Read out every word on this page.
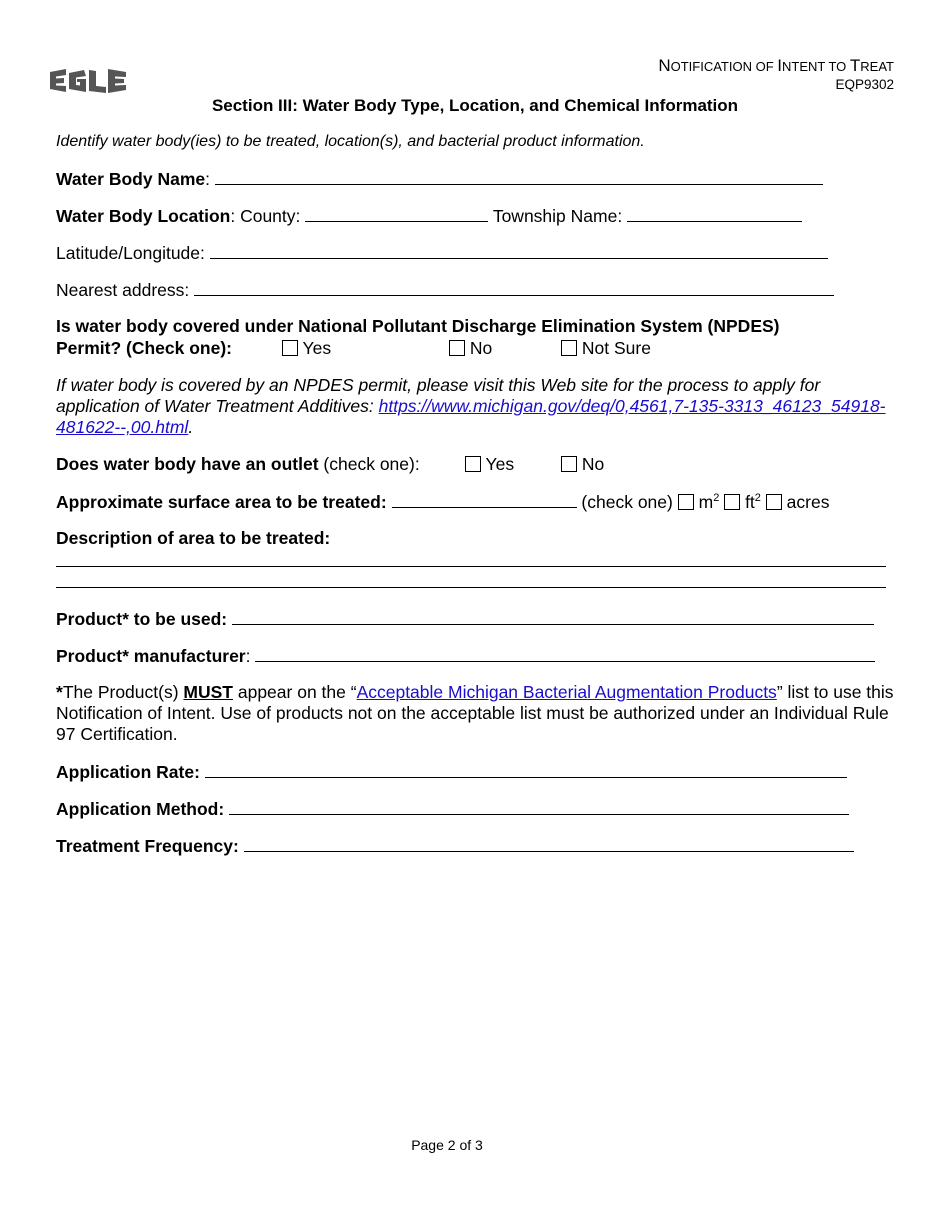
NOTIFICATION OF INTENT TO TREAT
EQP9302
Section III: Water Body Type, Location, and Chemical Information
Identify water body(ies) to be treated, location(s), and bacterial product information.
Water Body Name:
Water Body Location: County:	Township Name:
Latitude/Longitude:
Nearest address:
Is water body covered under National Pollutant Discharge Elimination System (NPDES)
Permit? (Check one):	Yes	No	Not Sure
If water body is covered by an NPDES permit, please visit this Web site for the process to apply for application of Water Treatment Additives: https://www.michigan.gov/deq/0,4561,7-135-3313_46123_54918-481622--,00.html.
Does water body have an outlet (check one):	Yes	No
Approximate surface area to be treated:	(check one) $m^2$ $ft^2$ acres
Description of area to be treated:
Product* to be used:
Product* manufacturer:
*The Product(s) MUST appear on the “Acceptable Michigan Bacterial Augmentation Products” list to use this Notification of Intent. Use of products not on the acceptable list must be authorized under an Individual Rule 97 Certification.
Application Rate:
Application Method:
Treatment Frequency:
Page 2 of 3
